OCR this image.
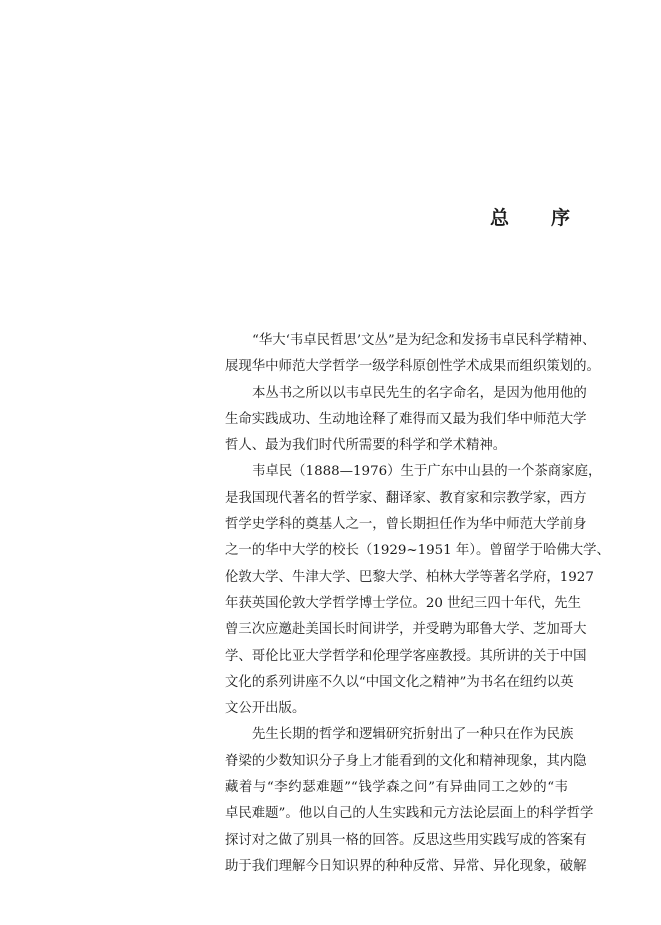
总 序
“华大‘韦卓民哲思’文丛”是为纪念和发扬韦卓民科学精神、
展现华中师范大学哲学一级学科原创性学术成果而组织策划的。
本丛书之所以以韦卓民先生的名字命名，是因为他用他的
生命实践成功、生动地诠释了难得而又最为我们华中师范大学
哲人、最为我们时代所需要的科学和学术精神。
韦卓民（1888—1976）生于广东中山县的一个茶商家庭，
是我国现代著名的哲学家、翻译家、教育家和宗教学家，西方
哲学史学科的奠基人之一，曾长期担任作为华中师范大学前身
之一的华中大学的校长（1929~1951 年）。曾留学于哈佛大学、
伦敦大学、牛津大学、巴黎大学、柏林大学等著名学府，1927
年获英国伦敦大学哲学博士学位。20 世纪三四十年代，先生
曾三次应邀赴美国长时间讲学，并受聘为耶鲁大学、芝加哥大
学、哥伦比亚大学哲学和伦理学客座教授。其所讲的关于中国
文化的系列讲座不久以“中国文化之精神”为书名在纽约以英
文公开出版。
先生长期的哲学和逻辑研究折射出了一种只在作为民族
脊梁的少数知识分子身上才能看到的文化和精神现象，其内隐
藏着与“李约瑟难题”“钱学森之问”有异曲同工之妙的“韦
卓民难题”。他以自己的人生实践和元方法论层面上的科学哲学
探讨对之做了别具一格的回答。反思这些用实践写成的答案有
助于我们理解今日知识界的种种反常、异常、异化现象，破解
